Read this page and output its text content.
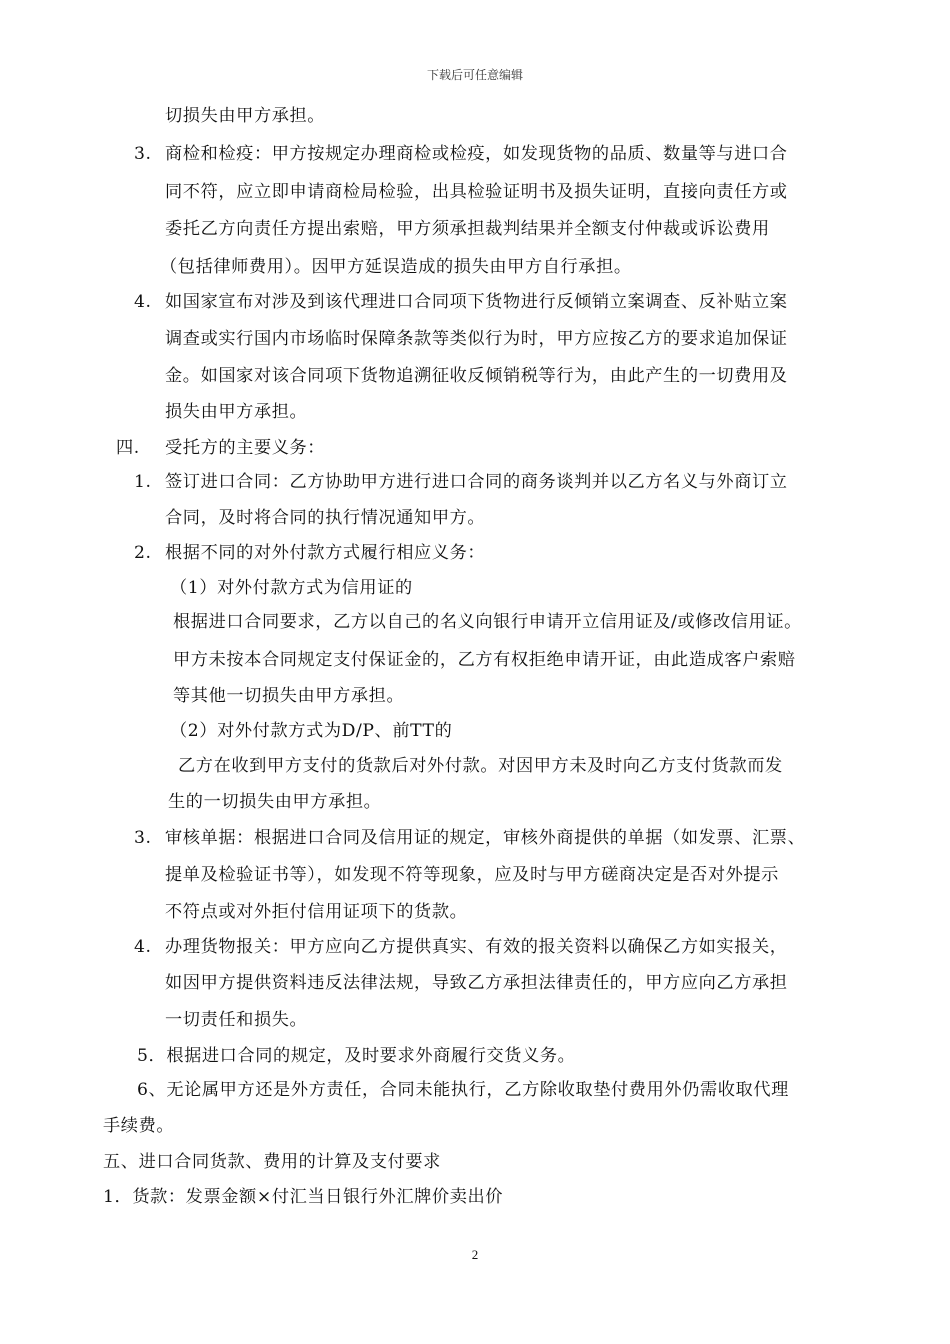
下载后可任意编辑
切损失由甲方承担。
3. 商检和检疫：甲方按规定办理商检或检疫，如发现货物的品质、数量等与进口合
同不符，应立即申请商检局检验，出具检验证明书及损失证明，直接向责任方或
委托乙方向责任方提出索赔，甲方须承担裁判结果并全额支付仲裁或诉讼费用
（包括律师费用）。因甲方延误造成的损失由甲方自行承担。
4. 如国家宣布对涉及到该代理进口合同项下货物进行反倾销立案调查、反补贴立案
调查或实行国内市场临时保障条款等类似行为时，甲方应按乙方的要求追加保证
金。如国家对该合同项下货物追溯征收反倾销税等行为，由此产生的一切费用及
损失由甲方承担。
四. 受托方的主要义务：
1. 签订进口合同：乙方协助甲方进行进口合同的商务谈判并以乙方名义与外商订立
合同，及时将合同的执行情况通知甲方。
2. 根据不同的对外付款方式履行相应义务：
（1）对外付款方式为信用证的
根据进口合同要求，乙方以自己的名义向银行申请开立信用证及/或修改信用证。
甲方未按本合同规定支付保证金的，乙方有权拒绝申请开证，由此造成客户索赔
等其他一切损失由甲方承担。
（2）对外付款方式为D/P、前TT的
乙方在收到甲方支付的货款后对外付款。对因甲方未及时向乙方支付货款而发
生的一切损失由甲方承担。
3. 审核单据：根据进口合同及信用证的规定，审核外商提供的单据（如发票、汇票、
提单及检验证书等），如发现不符等现象，应及时与甲方磋商决定是否对外提示
不符点或对外拒付信用证项下的货款。
4. 办理货物报关：甲方应向乙方提供真实、有效的报关资料以确保乙方如实报关，
如因甲方提供资料违反法律法规，导致乙方承担法律责任的，甲方应向乙方承担
一切责任和损失。
5．根据进口合同的规定，及时要求外商履行交货义务。
6、无论属甲方还是外方责任，合同未能执行，乙方除收取垫付费用外仍需收取代理
手续费。
五、进口合同货款、费用的计算及支付要求
1．货款：发票金额×付汇当日银行外汇牌价卖出价
2
